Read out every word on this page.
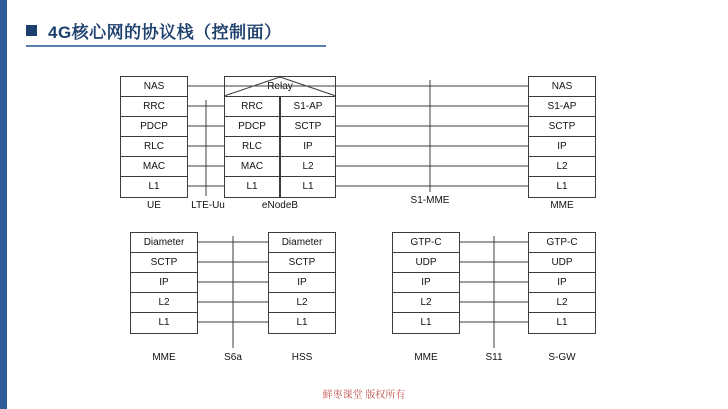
4G核心网的协议栈（控制面）
NAS
RRC
PDCP
RLC
MAC
L1
UE
RRC
PDCP
RLC
MAC
L1
S1-AP
SCTP
IP
L2
L1
Relay
eNodeB
NAS
S1-AP
SCTP
IP
L2
L1
MME
LTE-Uu	S1-MME
Diameter
SCTP
IP
L2
L1
MME
Diameter
SCTP
IP
L2
L1
HSS
S6a
GTP-C
UDP
IP
L2
L1
MME
GTP-C
UDP
IP
L2
L1
S-GW
S11
鲜枣课堂 版权所有
